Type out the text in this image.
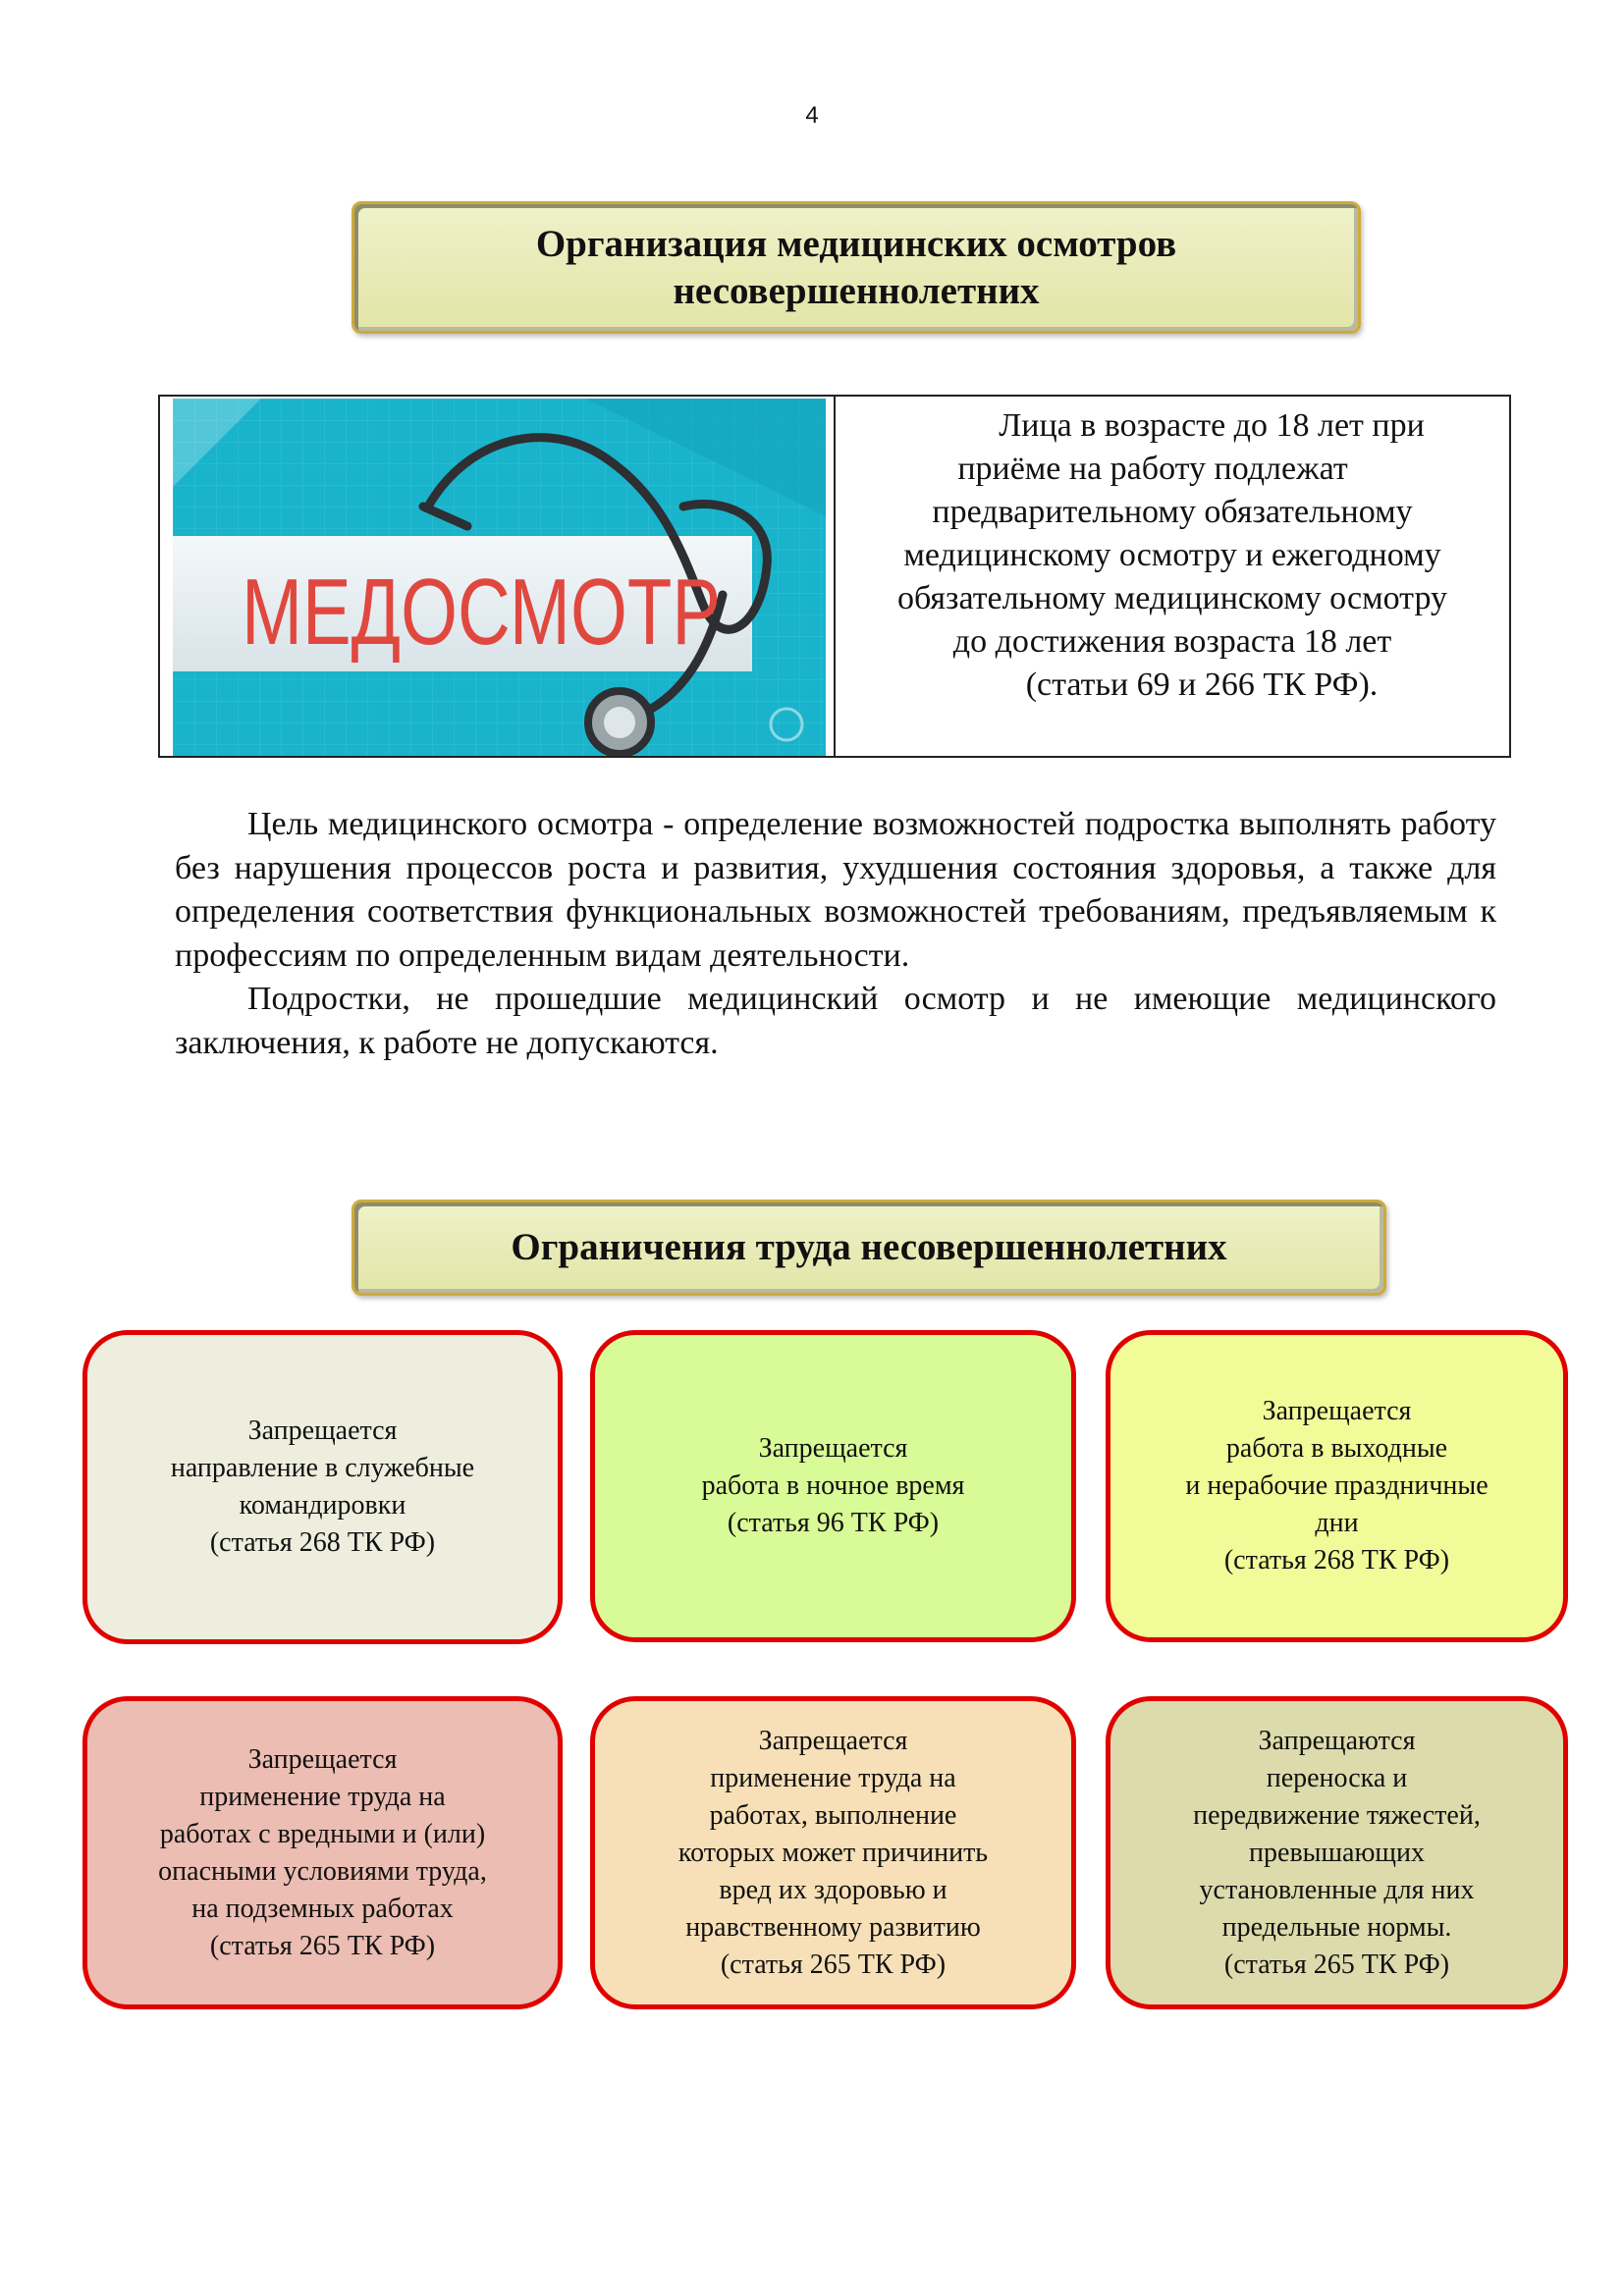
4
Организация медицинских осмотров
несовершеннолетних
МЕДОСМОТР
Лица в возрасте до 18 лет при
приёме на работу подлежат
предварительному обязательному
медицинскому осмотру и ежегодному
обязательному медицинскому осмотру
до достижения возраста 18 лет
(статьи 69 и 266 ТК РФ).

Цель медицинского осмотра - определение возможностей подростка выполнять работу без нарушения процессов роста и развития, ухудшения состояния здоровья, а также для определения соответствия функциональных возможностей требованиям, предъявляемым к профессиям по определенным видам деятельности.

Подростки, не прошедшие медицинский осмотр и не имеющие медицинского заключения, к работе не допускаются.

Ограничения труда несовершеннолетних
Запрещается
направление в служебные
командировки
(статья 268 ТК РФ)
Запрещается
работа в ночное время
(статья 96 ТК РФ)
Запрещается
работа в выходные
и нерабочие праздничные
дни
(статья 268 ТК РФ)
Запрещается
применение труда на
работах с вредными и (или)
опасными условиями труда,
на подземных работах
(статья 265 ТК РФ)
Запрещается
применение труда на
работах, выполнение
которых может причинить
вред их здоровью и
нравственному развитию
(статья 265 ТК РФ)
Запрещаются
переноска и
передвижение тяжестей,
превышающих
установленные для них
предельные нормы.
(статья 265 ТК РФ)
